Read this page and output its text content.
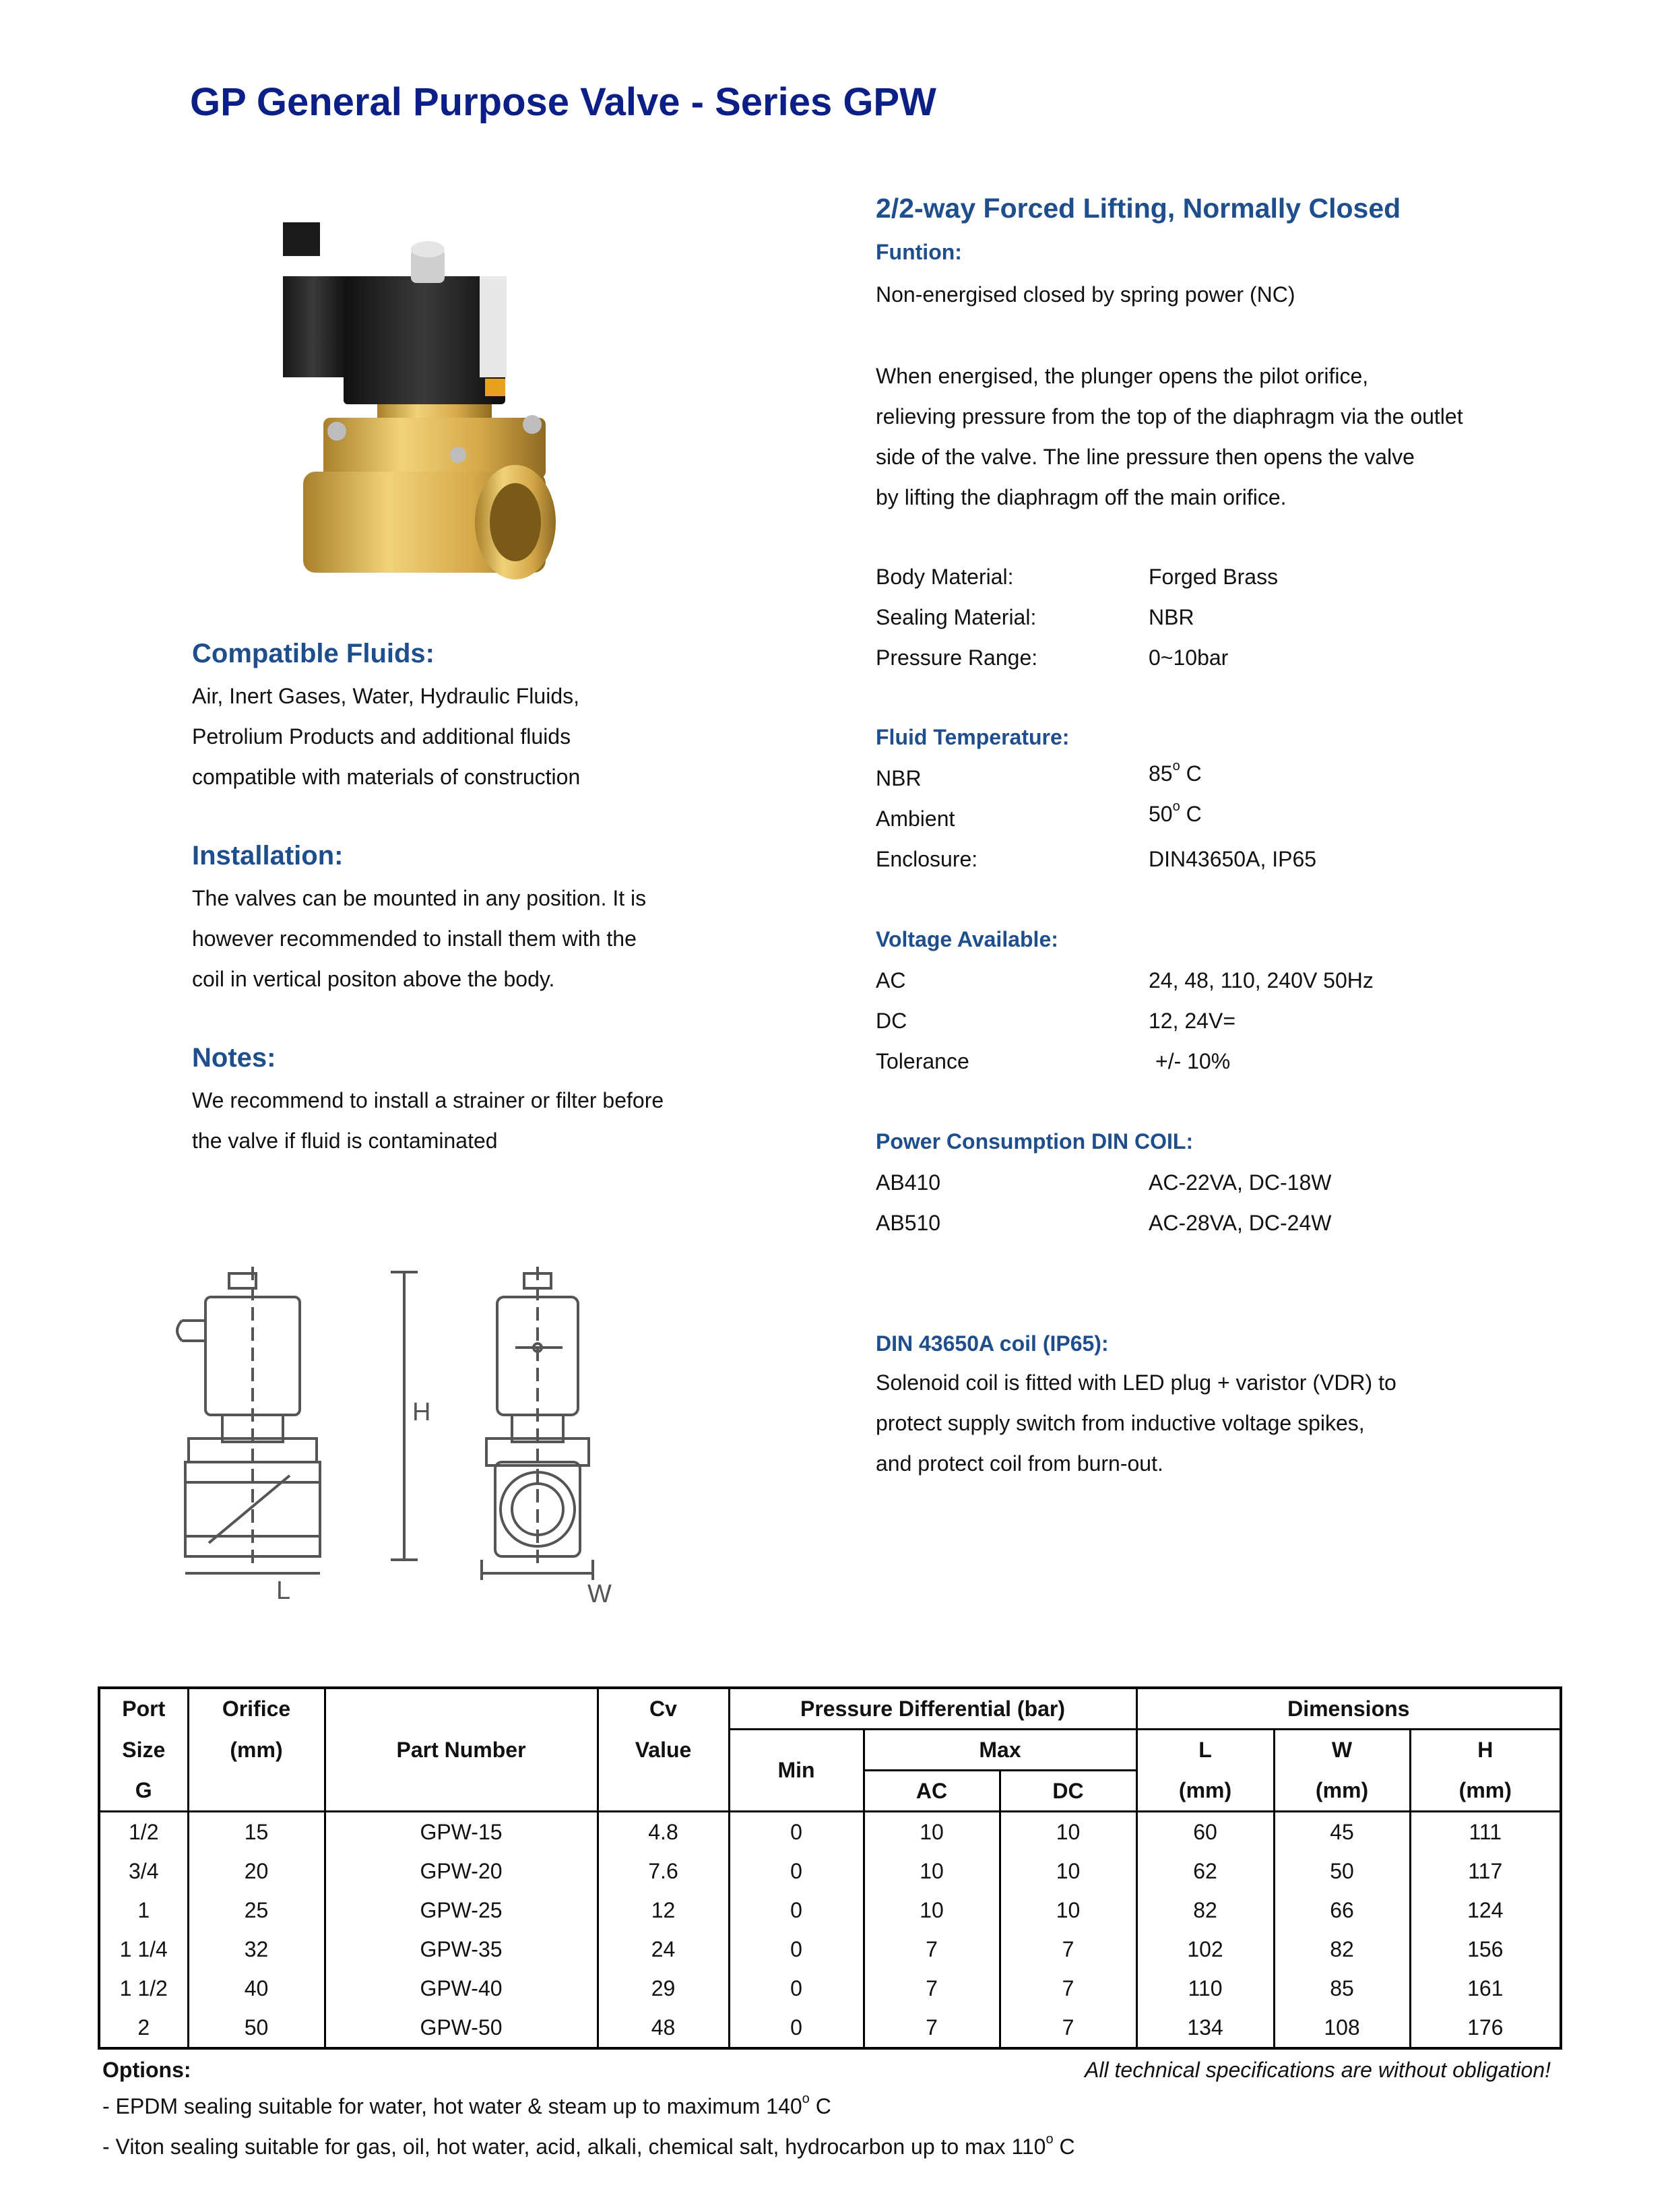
GP General Purpose Valve - Series GPW
2/2-way Forced Lifting, Normally Closed
Funtion:
Non-energised closed by spring power (NC)
When energised, the plunger opens the pilot orifice,
relieving pressure from the top of the diaphragm via the outlet
side of the valve. The line pressure then opens the valve
by lifting the diaphragm off the main orifice.
Body Material:	Forged Brass
Sealing Material:	NBR
Pressure Range:	0~10bar
Fluid Temperature:
NBR	85$^o$ C
Ambient	50$^o$ C
Enclosure:	DIN43650A, IP65
Voltage Available:
AC	24, 48, 110, 240V 50Hz
DC	12, 24V=
Tolerance	+/- 10%
Power Consumption DIN COIL:
AB410	AC-22VA, DC-18W
AB510	AC-28VA, DC-24W
DIN 43650A coil (IP65):
Solenoid coil is fitted with LED plug + varistor (VDR) to
protect supply switch from inductive voltage spikes,
and protect coil from burn-out.
Compatible Fluids:
Air, Inert Gases, Water, Hydraulic Fluids,
Petrolium Products and additional fluids
compatible with materials of construction
Installation:
The valves can be mounted in any position. It is
however recommended to install them with the
coil in vertical positon above the body.
Notes:
We recommend to install a strainer or filter before
the valve if fluid is contaminated
H
L	W
Port	Orifice	Part Number	Cv	Pressure Differential (bar)			Dimensions		
Size	(mm)		Value	Min	Max		L	W	H
G					AC	DC	(mm)	(mm)	(mm)
1/2	15	GPW-15	4.8	0	10	10	60	45	111
3/4	20	GPW-20	7.6	0	10	10	62	50	117
1	25	GPW-25	12	0	10	10	82	66	124
1 1/4	32	GPW-35	24	0	7	7	102	82	156
1 1/2	40	GPW-40	29	0	7	7	110	85	161
2	50	GPW-50	48	0	7	7	134	108	176
Options:	All technical specifications are without obligation!
- EPDM sealing suitable for water, hot water & steam up to maximum 140$^o$ C
- Viton sealing suitable for gas, oil, hot water, acid, alkali, chemical salt, hydrocarbon up to max 110$^o$ C
